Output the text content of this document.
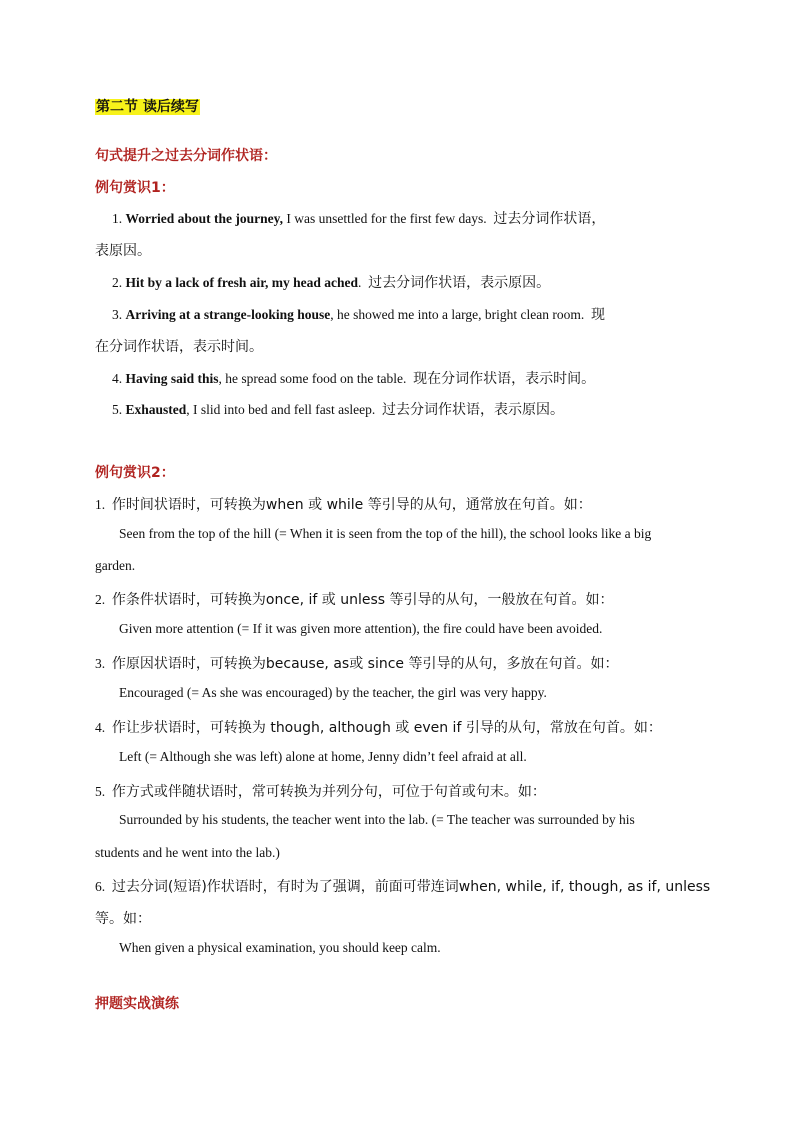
第二节 读后续写
句式提升之过去分词作状语：
例句赏识1：
1. Worried about the journey, I was unsettled for the first few days. 过去分词作状语，
表原因。
2. Hit by a lack of fresh air, my head ached. 过去分词作状语，表示原因。
3. Arriving at a strange-looking house, he showed me into a large, bright clean room. 现
在分词作状语，表示时间。
4. Having said this, he spread some food on the table. 现在分词作状语，表示时间。
5. Exhausted, I slid into bed and fell fast asleep. 过去分词作状语，表示原因。
例句赏识2：
1. 作时间状语时，可转换为when 或 while 等引导的从句，通常放在句首。如：
Seen from the top of the hill (= When it is seen from the top of the hill), the school looks like a big
garden.
2. 作条件状语时，可转换为once, if 或 unless 等引导的从句，一般放在句首。如：
Given more attention (= If it was given more attention), the fire could have been avoided.
3. 作原因状语时，可转换为because, as或 since 等引导的从句，多放在句首。如：
Encouraged (= As she was encouraged) by the teacher, the girl was very happy.
4. 作让步状语时，可转换为 though, although 或 even if 引导的从句，常放在句首。如：
Left (= Although she was left) alone at home, Jenny didn’t feel afraid at all.
5. 作方式或伴随状语时，常可转换为并列分句，可位于句首或句末。如：
Surrounded by his students, the teacher went into the lab. (= The teacher was surrounded by his
students and he went into the lab.)
6. 过去分词(短语)作状语时，有时为了强调，前面可带连词when, while, if, though, as if, unless
等。如：
When given a physical examination, you should keep calm.
押题实战演练
